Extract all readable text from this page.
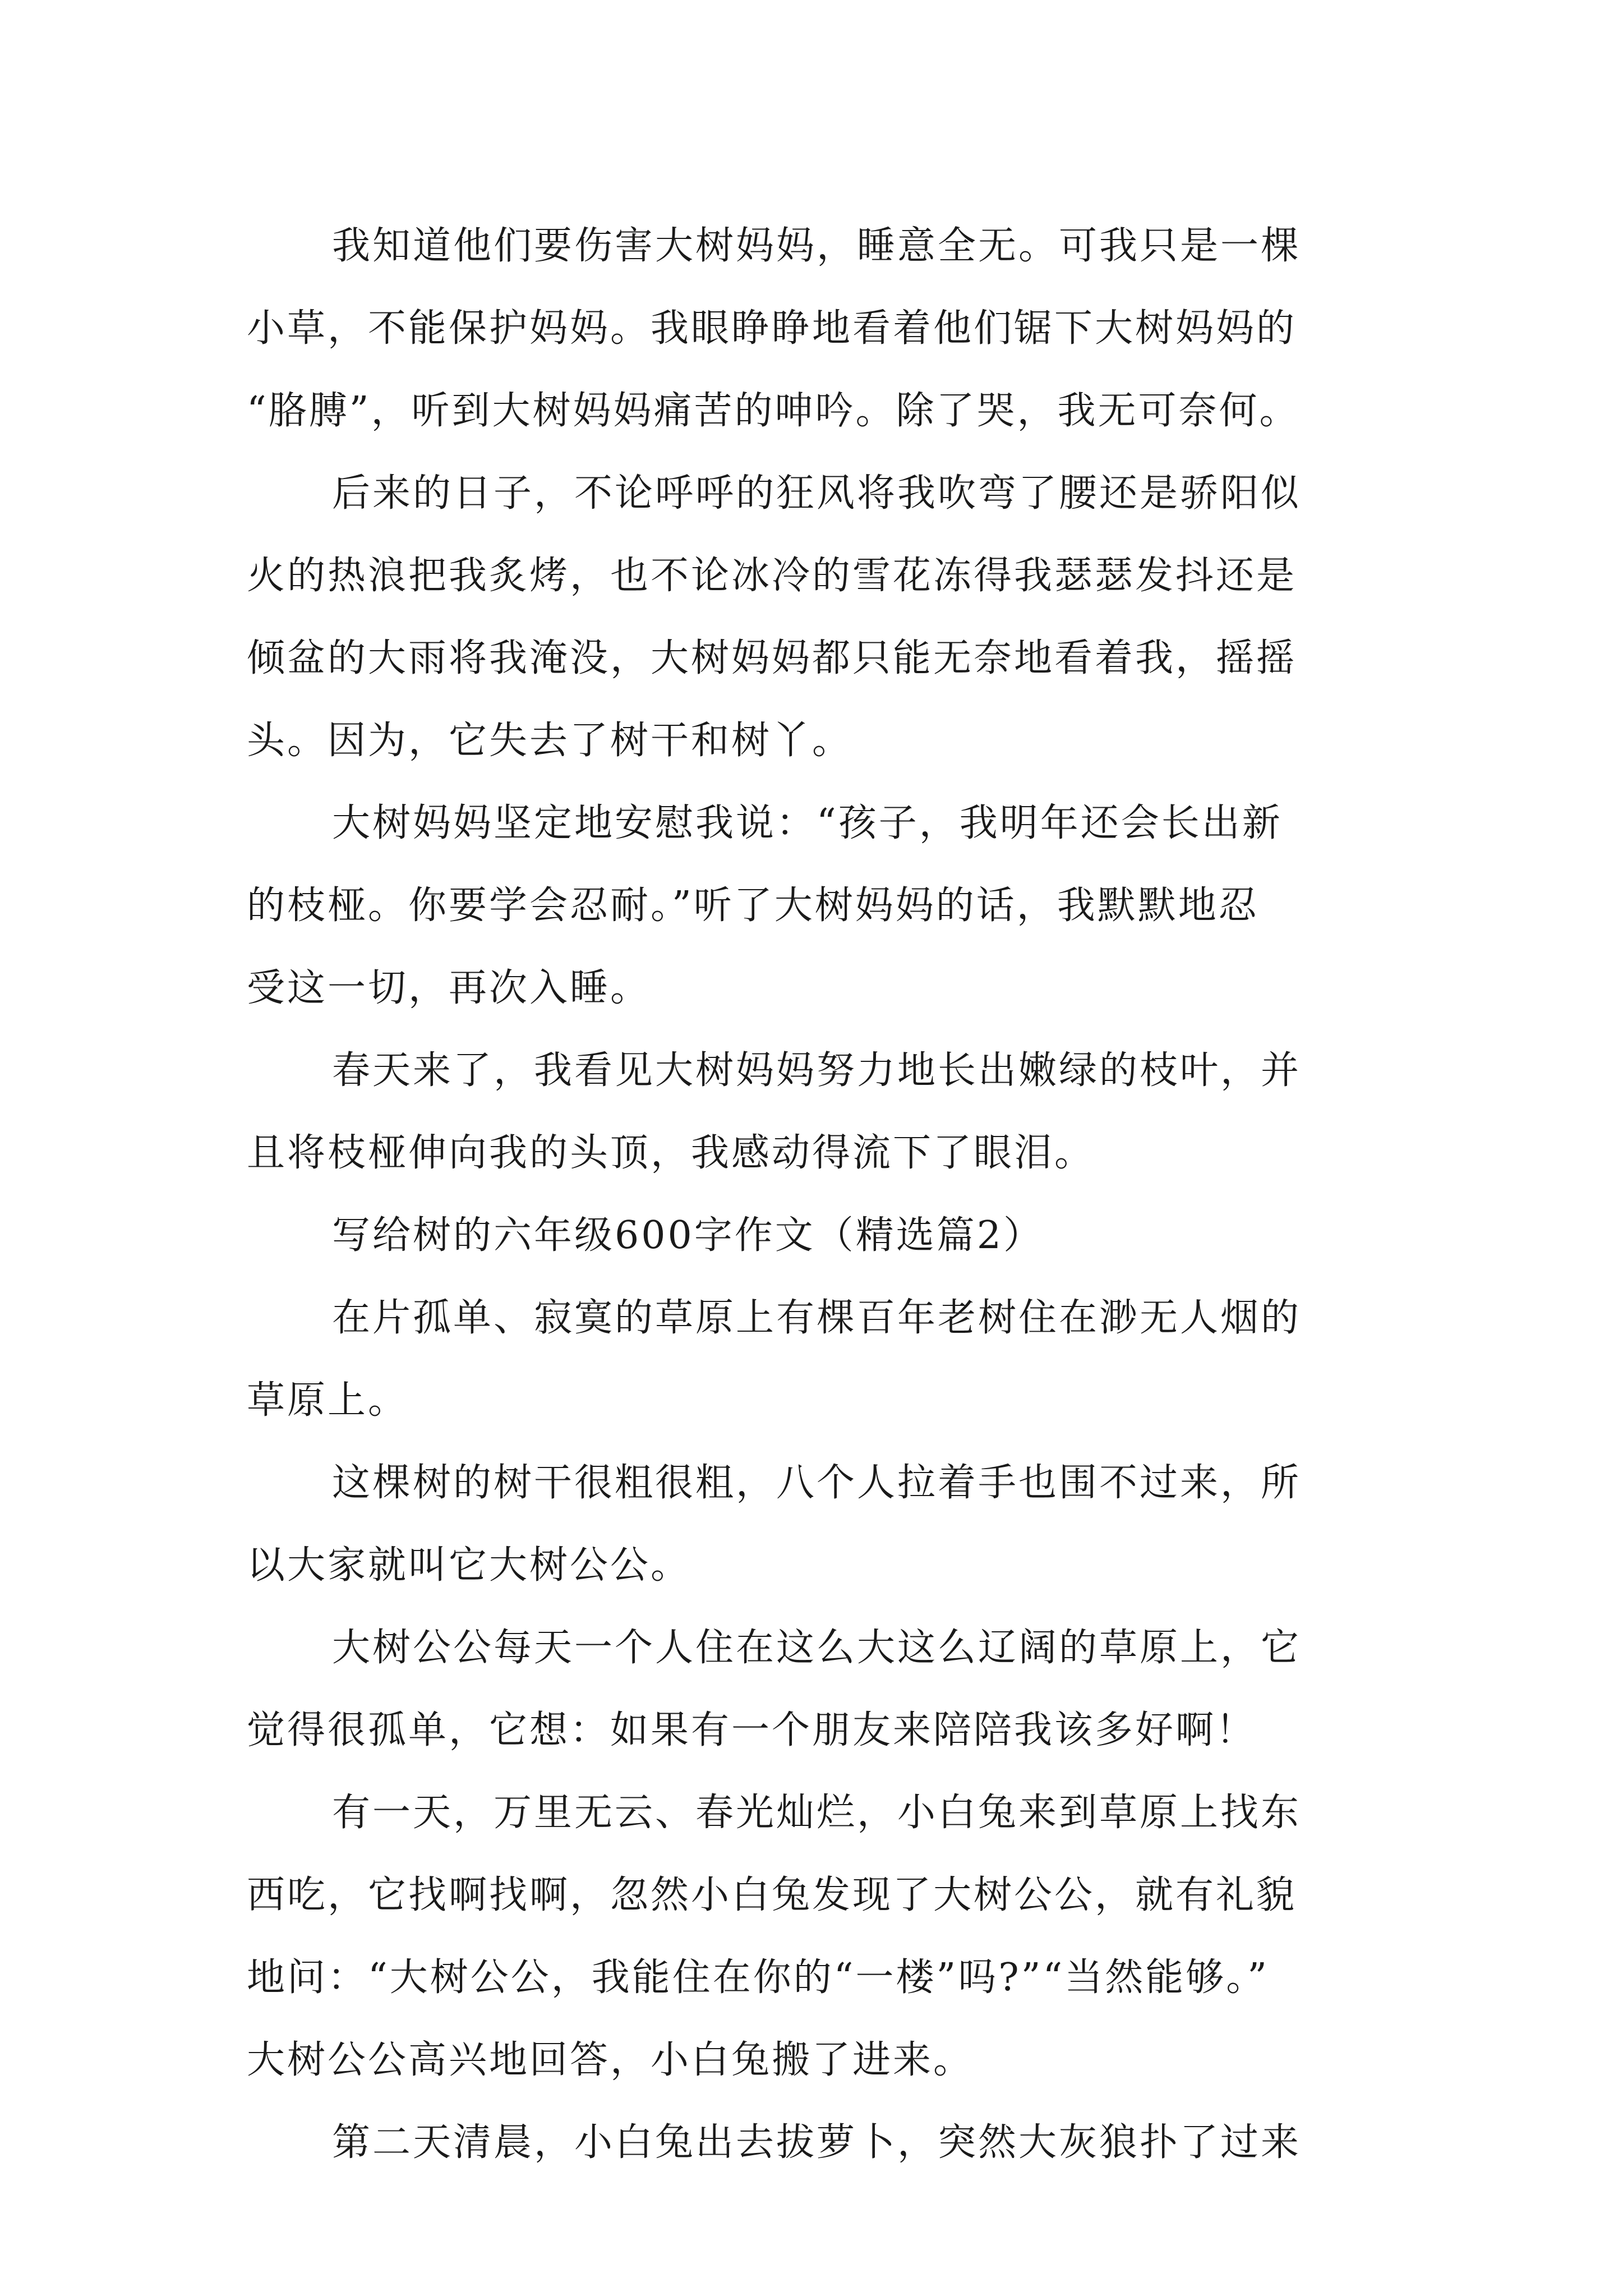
我知道他们要伤害大树妈妈，睡意全无。可我只是一棵
小草，不能保护妈妈。我眼睁睁地看着他们锯下大树妈妈的
“胳膊”，听到大树妈妈痛苦的呻吟。除了哭，我无可奈何。
后来的日子，不论呼呼的狂风将我吹弯了腰还是骄阳似
火的热浪把我炙烤，也不论冰冷的雪花冻得我瑟瑟发抖还是
倾盆的大雨将我淹没，大树妈妈都只能无奈地看着我，摇摇
头。因为，它失去了树干和树丫。
大树妈妈坚定地安慰我说：“孩子，我明年还会长出新
的枝桠。你要学会忍耐。”听了大树妈妈的话，我默默地忍
受这一切，再次入睡。
春天来了，我看见大树妈妈努力地长出嫩绿的枝叶，并
且将枝桠伸向我的头顶，我感动得流下了眼泪。
写给树的六年级600字作文（精选篇2）
在片孤单、寂寞的草原上有棵百年老树住在渺无人烟的
草原上。
这棵树的树干很粗很粗，八个人拉着手也围不过来，所
以大家就叫它大树公公。
大树公公每天一个人住在这么大这么辽阔的草原上，它
觉得很孤单，它想：如果有一个朋友来陪陪我该多好啊！
有一天，万里无云、春光灿烂，小白兔来到草原上找东
西吃，它找啊找啊，忽然小白兔发现了大树公公，就有礼貌
地问：“大树公公，我能住在你的“一楼”吗?”“当然能够。”
大树公公高兴地回答，小白兔搬了进来。
第二天清晨，小白兔出去拔萝卜，突然大灰狼扑了过来
